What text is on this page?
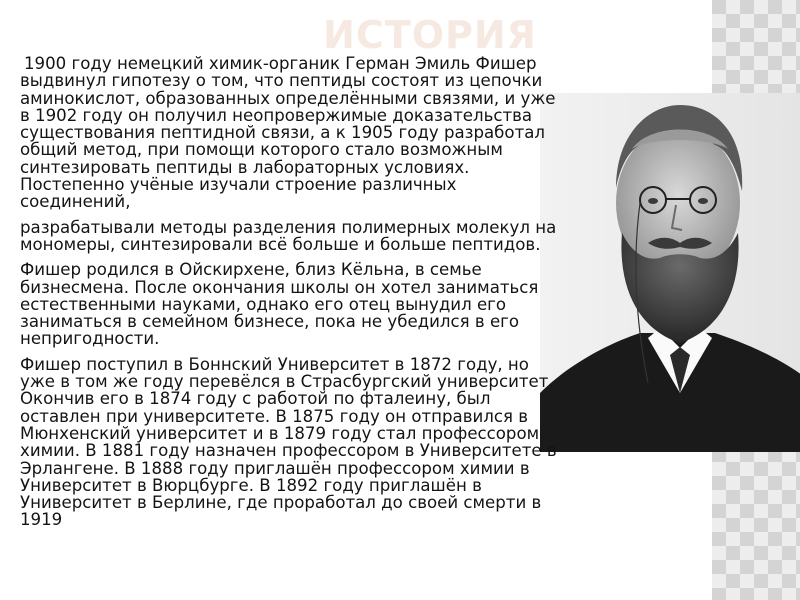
ИСТОРИЯ

1900 году немецкий химик-органик Герман Эмиль Фишер выдвинул гипотезу о том, что пептиды состоят из цепочки аминокислот, образованных определёнными связями, и уже в 1902 году он получил неопровержимые доказательства существования пептидной связи, а к 1905 году разработал общий метод, при помощи которого стало возможным синтезировать пептиды в лабораторных условиях. Постепенно учёные изучали строение различных соединений,

разрабатывали методы разделения полимерных молекул на мономеры, синтезировали всё больше и больше пептидов.

Фишер родился в Ойскирхене, близ Кёльна, в семье бизнесмена. После окончания школы он хотел заниматься естественными науками, однако его отец вынудил его заниматься в семейном бизнесе, пока не убедился в его непригодности.

Фишер поступил в Боннский Университет в 1872 году, но уже в том же году перевёлся в Страсбургский университет. Окончив его в 1874 году с работой по фталеину, был оставлен при университете. В 1875 году он отправился в Мюнхенский университет и в 1879 году стал профессором химии. В 1881 году назначен профессором в Университете в Эрлангене. В 1888 году приглашён профессором химии в Университет в Вюрцбурге. В 1892 году приглашён в Университет в Берлине, где проработал до своей смерти в 1919
